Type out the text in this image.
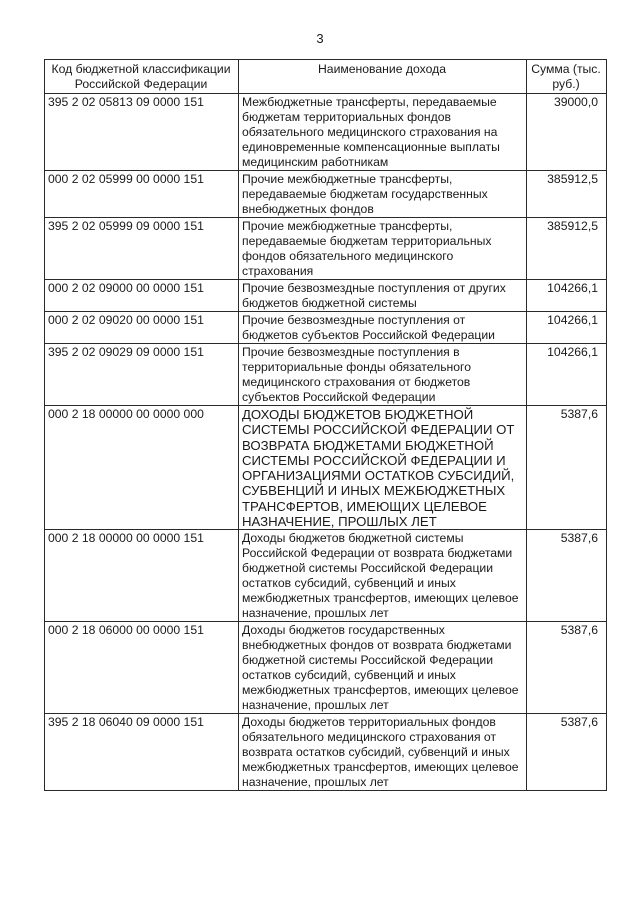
3
Код бюджетной классификации Российской Федерации	Наименование дохода	Сумма (тыс. руб.)
395 2 02 05813 09 0000 151	Межбюджетные трансферты, передаваемые бюджетам территориальных фондов обязательного медицинского страхования на единовременные компенсационные выплаты медицинским работникам	39000,0
000 2 02 05999 00 0000 151	Прочие межбюджетные трансферты, передаваемые бюджетам государственных внебюджетных фондов	385912,5
395 2 02 05999 09 0000 151	Прочие межбюджетные трансферты, передаваемые бюджетам территориальных фондов обязательного медицинского страхования	385912,5
000 2 02 09000 00 0000 151	Прочие безвозмездные поступления от других бюджетов бюджетной системы	104266,1
000 2 02 09020 00 0000 151	Прочие безвозмездные поступления от бюджетов субъектов Российской Федерации	104266,1
395 2 02 09029 09 0000 151	Прочие безвозмездные поступления в территориальные фонды обязательного медицинского страхования от бюджетов субъектов Российской Федерации	104266,1
000 2 18 00000 00 0000 000	ДОХОДЫ БЮДЖЕТОВ БЮДЖЕТНОЙ СИСТЕМЫ РОССИЙСКОЙ ФЕДЕРАЦИИ ОТ ВОЗВРАТА БЮДЖЕТАМИ БЮДЖЕТНОЙ СИСТЕМЫ РОССИЙСКОЙ ФЕДЕРАЦИИ И ОРГАНИЗАЦИЯМИ ОСТАТКОВ СУБСИДИЙ, СУБВЕНЦИЙ И ИНЫХ МЕЖБЮДЖЕТНЫХ ТРАНСФЕРТОВ, ИМЕЮЩИХ ЦЕЛЕВОЕ НАЗНАЧЕНИЕ, ПРОШЛЫХ ЛЕТ	5387,6
000 2 18 00000 00 0000 151	Доходы бюджетов бюджетной системы Российской Федерации от возврата бюджетами бюджетной системы Российской Федерации остатков субсидий, субвенций и иных межбюджетных трансфертов, имеющих целевое назначение, прошлых лет	5387,6
000 2 18 06000 00 0000 151	Доходы бюджетов государственных внебюджетных фондов от возврата бюджетами бюджетной системы Российской Федерации остатков субсидий, субвенций и иных межбюджетных трансфертов, имеющих целевое назначение, прошлых лет	5387,6
395 2 18 06040 09 0000 151	Доходы бюджетов территориальных фондов обязательного медицинского страхования от возврата остатков субсидий, субвенций и иных межбюджетных трансфертов, имеющих целевое назначение, прошлых лет	5387,6
